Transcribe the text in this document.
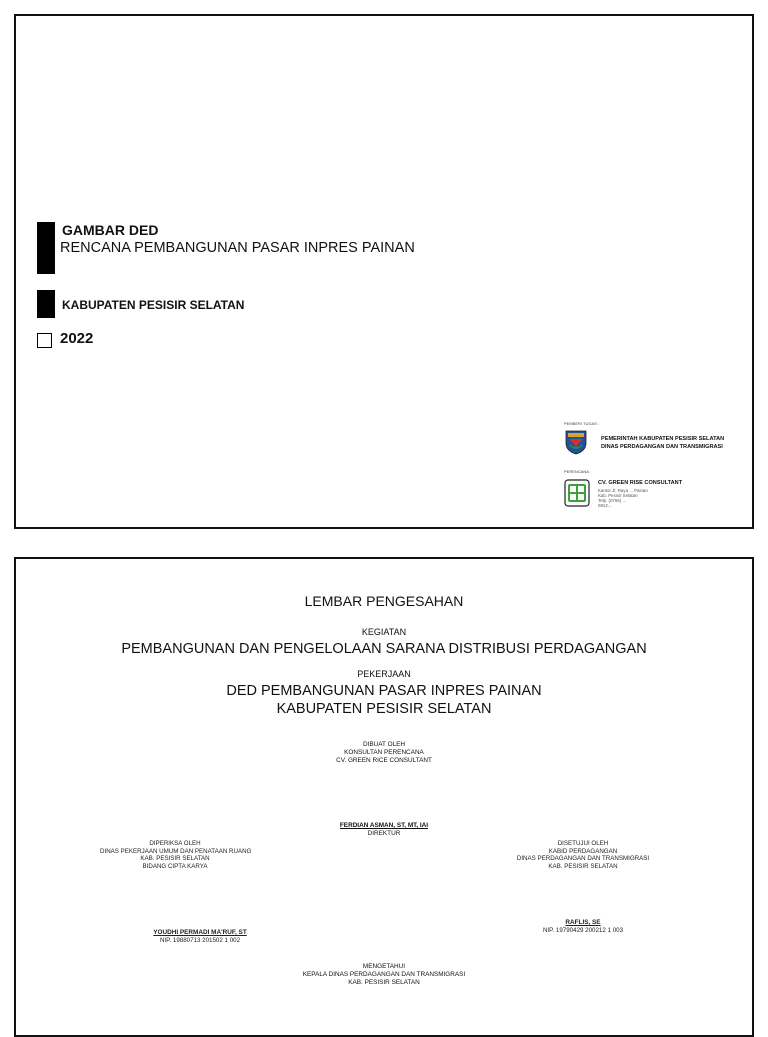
GAMBAR DED
RENCANA PEMBANGUNAN PASAR INPRES PAINAN
KABUPATEN PESISIR SELATAN
2022
PEMBERI TUGAS :
PEMERINTAH KABUPATEN PESISIR SELATAN
DINAS PERDAGANGAN DAN TRANSMIGRASI
PERENCANA :
CV. GREEN RISE CONSULTANT
Kantor Jl. Raya ... Painan
Kab. Pesisir Selatan
Telp. (0756) ...
0812...
LEMBAR PENGESAHAN
KEGIATAN
PEMBANGUNAN DAN PENGELOLAAN SARANA DISTRIBUSI PERDAGANGAN
PEKERJAAN
DED PEMBANGUNAN PASAR INPRES PAINAN
KABUPATEN PESISIR SELATAN
DIBUAT OLEH
KONSULTAN PERENCANA
CV. GREEN RICE CONSULTANT
FERDIAN ASMAN, ST, MT, IAI
DIREKTUR
DIPERIKSA OLEH
DINAS PEKERJAAN UMUM DAN PENATAAN RUANG
KAB. PESISIR SELATAN
BIDANG CIPTA KARYA
YOUDHI PERMADI MA'RUF, ST
NIP. 19880713 201502 1 002
DISETUJUI OLEH
KABID PERDAGANGAN
DINAS PERDAGANGAN DAN TRANSMIGRASI
KAB. PESISIR SELATAN
RAFLIS, SE
NIP. 19790429 200212 1 003
MENGETAHUI
KEPALA DINAS PERDAGANGAN DAN TRANSMIGRASI
KAB. PESISIR SELATAN
